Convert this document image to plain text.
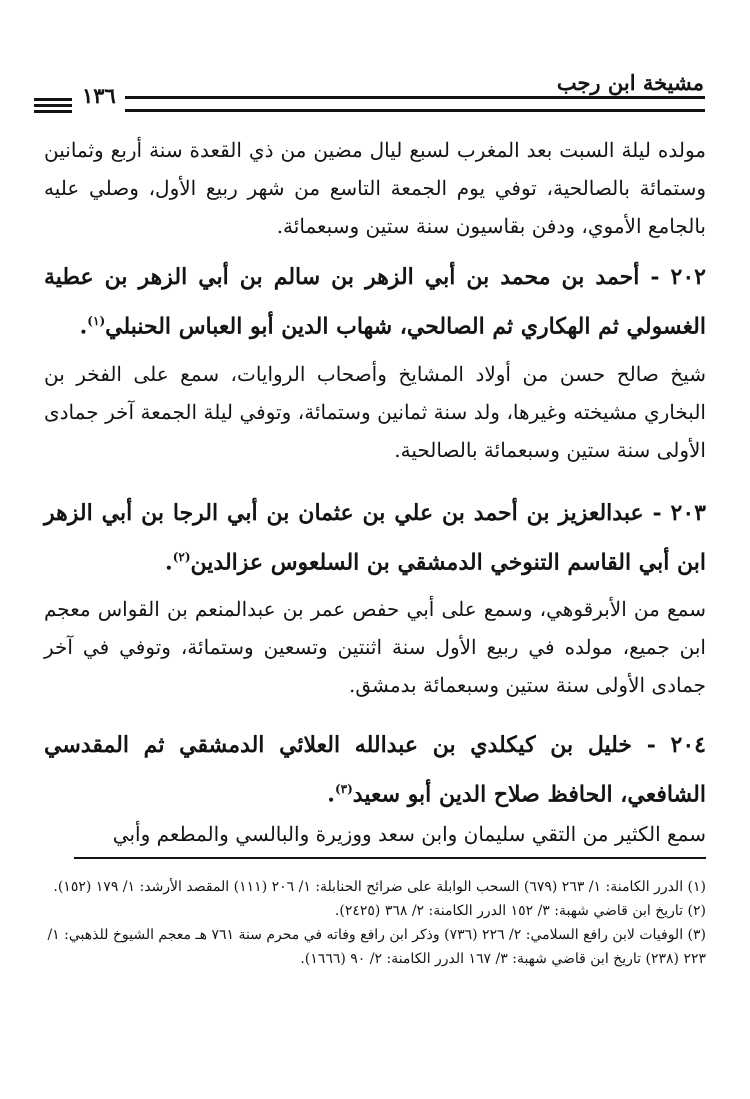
مشيخة ابن رجب
١٣٦
مولده ليلة السبت بعد المغرب لسبع ليال مضين من ذي القعدة سنة أربع وثمانين وستمائة بالصالحية، توفي يوم الجمعة التاسع من شهر ربيع الأول، وصلي عليه بالجامع الأموي، ودفن بقاسيون سنة ستين وسبعمائة.
٢٠٢ - أحمد بن محمد بن أبي الزهر بن سالم بن أبي الزهر بن عطية الغسولي ثم الهكاري ثم الصالحي، شهاب الدين أبو العباس الحنبلي$^{(١)}$.
شيخ صالح حسن من أولاد المشايخ وأصحاب الروايات، سمع على الفخر بن البخاري مشيخته وغيرها، ولد سنة ثمانين وستمائة، وتوفي ليلة الجمعة آخر جمادى الأولى سنة ستين وسبعمائة بالصالحية.
٢٠٣ - عبدالعزيز بن أحمد بن علي بن عثمان بن أبي الرجا بن أبي الزهر ابن أبي القاسم التنوخي الدمشقي بن السلعوس عزالدين$^{(٢)}$.
سمع من الأبرقوهي، وسمع على أبي حفص عمر بن عبدالمنعم بن القواس معجم ابن جميع، مولده في ربيع الأول سنة اثنتين وتسعين وستمائة، وتوفي في آخر جمادى الأولى سنة ستين وسبعمائة بدمشق.
٢٠٤ - خليل بن كيكلدي بن عبدالله العلائي الدمشقي ثم المقدسي الشافعي، الحافظ صلاح الدين أبو سعيد$^{(٣)}$.
سمع الكثير من التقي سليمان وابن سعد ووزيرة والبالسي والمطعم وأبي
(١) الدرر الكامنة: ١/ ٢٦٣ (٦٧٩) السحب الوابلة على ضرائح الحنابلة: ١/ ٢٠٦ (١١١) المقصد الأرشد: ١/ ١٧٩ (١٥٢).
(٢) تاريخ ابن قاضي شهبة: ٣/ ١٥٢ الدرر الكامنة: ٢/ ٣٦٨ (٢٤٢٥).
(٣) الوفيات لابن رافع السلامي: ٢/ ٢٢٦ (٧٣٦) وذكر ابن رافع وفاته في محرم سنة ٧٦١ هـ معجم الشيوخ للذهبي: ١/ ٢٢٣ (٢٣٨) تاريخ ابن قاضي شهبة: ٣/ ١٦٧ الدرر الكامنة: ٢/ ٩٠ (١٦٦٦).
